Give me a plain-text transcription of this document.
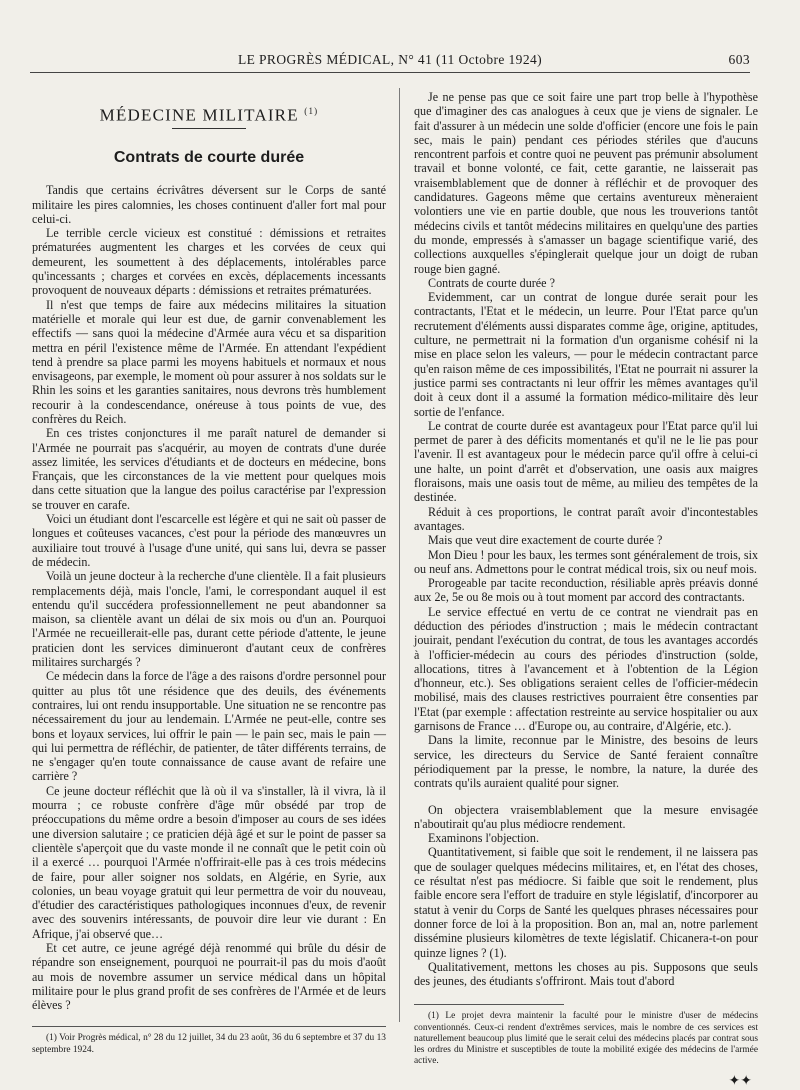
LE PROGRÈS MÉDICAL, N° 41 (11 Octobre 1924)	603
MÉDECINE MILITAIRE $^{(1)}$
Contrats de courte durée

Tandis que certains écrivâtres déversent sur le Corps de santé militaire les pires calomnies, les choses continuent d'aller fort mal pour celui-ci.

Le terrible cercle vicieux est constitué : démissions et retraites prématurées augmentent les charges et les corvées de ceux qui demeurent, les soumettent à des déplacements, intolérables parce qu'incessants ; charges et corvées en excès, déplacements incessants provoquent de nouveaux départs : démissions et retraites prématurées.

Il n'est que temps de faire aux médecins militaires la situation matérielle et morale qui leur est due, de garnir convenablement les effectifs — sans quoi la médecine d'Armée aura vécu et sa disparition mettra en péril l'existence même de l'Armée. En attendant l'expédient tend à prendre sa place parmi les moyens habituels et normaux et nous envisageons, par exemple, le moment où pour assurer à nos soldats sur le Rhin les soins et les garanties sanitaires, nous devrons très humblement recourir à la condescendance, onéreuse à tous points de vue, des confrères du Reich.

En ces tristes conjonctures il me paraît naturel de demander si l'Armée ne pourrait pas s'acquérir, au moyen de contrats d'une durée assez limitée, les services d'étudiants et de docteurs en médecine, bons Français, que les circonstances de la vie mettent pour quelques mois dans cette situation que la langue des poilus caractérise par l'expression se trouver en carafe.

Voici un étudiant dont l'escarcelle est légère et qui ne sait où passer de longues et coûteuses vacances, c'est pour la période des manœuvres un auxiliaire tout trouvé à l'usage d'une unité, qui sans lui, devra se passer de médecin.

Voilà un jeune docteur à la recherche d'une clientèle. Il a fait plusieurs remplacements déjà, mais l'oncle, l'ami, le correspondant auquel il est entendu qu'il succédera professionnellement ne peut abandonner sa maison, sa clientèle avant un délai de six mois ou d'un an. Pourquoi l'Armée ne recueillerait-elle pas, durant cette période d'attente, le jeune praticien dont les services diminueront d'autant ceux de confrères militaires surchargés ?

Ce médecin dans la force de l'âge a des raisons d'ordre personnel pour quitter au plus tôt une résidence que des deuils, des événements contraires, lui ont rendu insupportable. Une situation ne se rencontre pas nécessairement du jour au lendemain. L'Armée ne peut-elle, contre ses bons et loyaux services, lui offrir le pain — le pain sec, mais le pain — qui lui permettra de réfléchir, de patienter, de tâter différents terrains, de ne s'engager qu'en toute connaissance de cause avant de refaire une carrière ?

Ce jeune docteur réfléchit que là où il va s'installer, là il vivra, là il mourra ; ce robuste confrère d'âge mûr obsédé par trop de préoccupations du même ordre a besoin d'imposer au cours de ses idées une diversion salutaire ; ce praticien déjà âgé et sur le point de passer sa clientèle s'aperçoit que du vaste monde il ne connaît que le petit coin où il a exercé … pourquoi l'Armée n'offrirait-elle pas à ces trois médecins de faire, pour aller soigner nos soldats, en Algérie, en Syrie, aux colonies, un beau voyage gratuit qui leur permettra de voir du nouveau, d'étudier des caractéristiques pathologiques inconnues d'eux, de revenir avec des souvenirs intéressants, de pouvoir dire leur vie durant : En Afrique, j'ai observé que…

Et cet autre, ce jeune agrégé déjà renommé qui brûle du désir de répandre son enseignement, pourquoi ne pourrait-il pas du mois d'août au mois de novembre assumer un service médical dans un hôpital militaire pour le plus grand profit de ses confrères de l'Armée et de leurs élèves ?

(1) Voir Progrès médical, n° 28 du 12 juillet, 34 du 23 août, 36 du 6 septembre et 37 du 13 septembre 1924.

Je ne pense pas que ce soit faire une part trop belle à l'hypothèse que d'imaginer des cas analogues à ceux que je viens de signaler. Le fait d'assurer à un médecin une solde d'officier (encore une fois le pain sec, mais le pain) pendant ces périodes stériles que d'aucuns rencontrent parfois et contre quoi ne peuvent pas prémunir absolument travail et bonne volonté, ce fait, cette garantie, ne laisserait pas vraisemblablement que de donner à réfléchir et de provoquer des candidatures. Gageons même que certains aventureux mèneraient volontiers une vie en partie double, que nous les trouverions tantôt médecins civils et tantôt médecins militaires en quelqu'une des parties du monde, empressés à s'amasser un bagage scientifique varié, des collections auxquelles s'épinglerait quelque jour un doigt de ruban rouge bien gagné.

Contrats de courte durée ?

Evidemment, car un contrat de longue durée serait pour les contractants, l'Etat et le médecin, un leurre. Pour l'Etat parce qu'un recrutement d'éléments aussi disparates comme âge, origine, aptitudes, culture, ne permettrait ni la formation d'un organisme cohésif ni la mise en place selon les valeurs, — pour le médecin contractant parce qu'en raison même de ces impossibilités, l'Etat ne pourrait ni assurer la justice parmi ses contractants ni leur offrir les mêmes avantages qu'il doit à ceux dont il a assumé la formation médico-militaire dès leur sortie de l'enfance.

Le contrat de courte durée est avantageux pour l'Etat parce qu'il lui permet de parer à des déficits momentanés et qu'il ne le lie pas pour l'avenir. Il est avantageux pour le médecin parce qu'il offre à celui-ci une halte, un point d'arrêt et d'observation, une oasis aux maigres floraisons, mais une oasis tout de même, au milieu des tempêtes de la destinée.

Réduit à ces proportions, le contrat paraît avoir d'incontestables avantages.

Mais que veut dire exactement de courte durée ?

Mon Dieu ! pour les baux, les termes sont généralement de trois, six ou neuf ans. Admettons pour le contrat médical trois, six ou neuf mois.

Prorogeable par tacite reconduction, résiliable après préavis donné aux 2e, 5e ou 8e mois ou à tout moment par accord des contractants.

Le service effectué en vertu de ce contrat ne viendrait pas en déduction des périodes d'instruction ; mais le médecin contractant jouirait, pendant l'exécution du contrat, de tous les avantages accordés à l'officier-médecin au cours des périodes d'instruction (solde, allocations, titres à l'avancement et à l'obtention de la Légion d'honneur, etc.). Ses obligations seraient celles de l'officier-médecin mobilisé, mais des clauses restrictives pourraient être consenties par l'Etat (par exemple : affectation restreinte au service hospitalier ou aux garnisons de France … d'Europe ou, au contraire, d'Algérie, etc.).

Dans la limite, reconnue par le Ministre, des besoins de leurs service, les directeurs du Service de Santé feraient connaître périodiquement par la presse, le nombre, la nature, la durée des contrats qu'ils auraient qualité pour signer.

On objectera vraisemblablement que la mesure envisagée n'aboutirait qu'au plus médiocre rendement.

Examinons l'objection.

Quantitativement, si faible que soit le rendement, il ne laissera pas que de soulager quelques médecins militaires, et, en l'état des choses, ce résultat n'est pas médiocre. Si faible que soit le rendement, plus faible encore sera l'effort de traduire en style législatif, d'incorporer au statut à venir du Corps de Santé les quelques phrases nécessaires pour donner force de loi à la proposition. Bon an, mal an, notre parlement dissémine plusieurs kilomètres de texte législatif. Chicanera-t-on pour quinze lignes ? (1).

Qualitativement, mettons les choses au pis. Supposons que seuls des jeunes, des étudiants s'offriront. Mais tout d'abord

(1) Le projet devra maintenir la faculté pour le ministre d'user de médecins conventionnés. Ceux-ci rendent d'extrêmes services, mais le nombre de ces services est naturellement beaucoup plus limité que le serait celui des médecins placés par contrat sous les ordres du Ministre et susceptibles de toute la mobilité exigée des médecins de l'armée active.
✦✦
